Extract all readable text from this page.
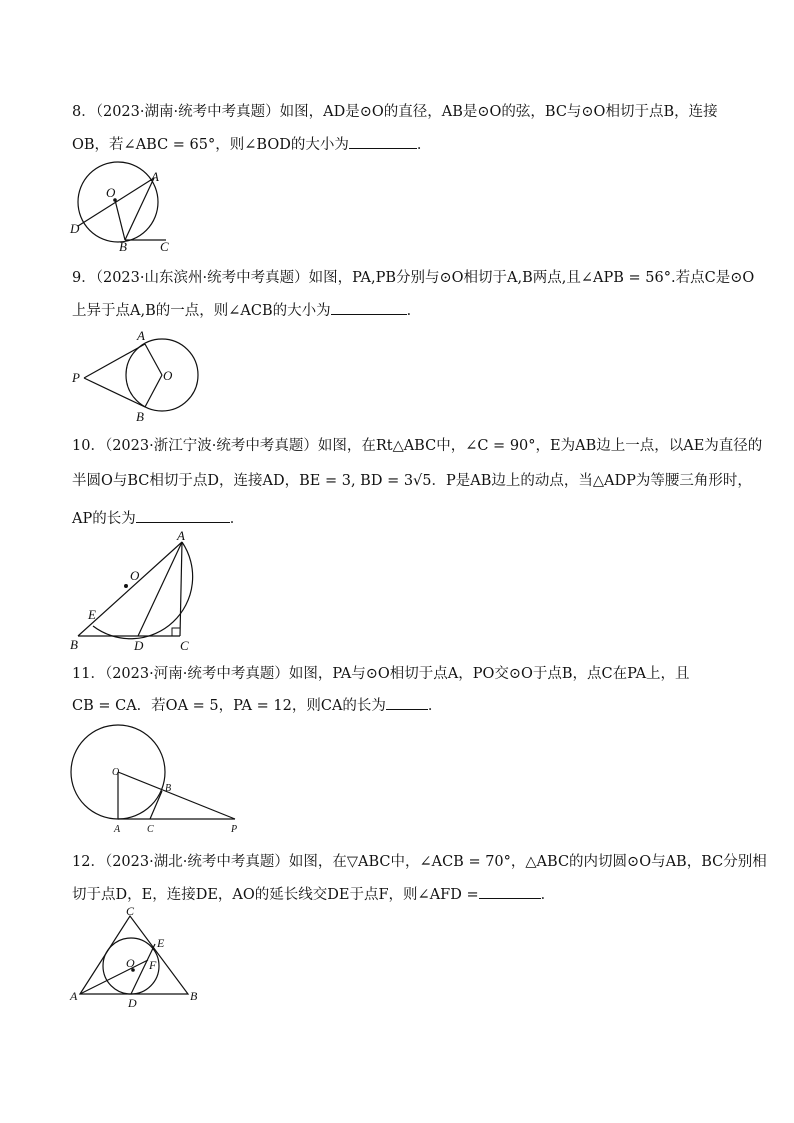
8．（2023·湖南·统考中考真题）如图，AD是⊙O的直径，AB是⊙O的弦，BC与⊙O相切于点B，连接
OB，若∠ABC = 65°，则∠BOD的大小为	．
O
A
D
B	C
9．（2023·山东滨州·统考中考真题）如图，PA,PB分别与⊙O相切于A,B两点,且∠APB = 56°.若点C是⊙O
上异于点A,B的一点，则∠ACB的大小为	．
A
P	O
B
10．（2023·浙江宁波·统考中考真题）如图，在Rt△ABC中，∠C = 90°，E为AB边上一点，以AE为直径的
半圆O与BC相切于点D，连接AD，BE = 3, BD = 3√5．P是AB边上的动点，当△ADP为等腰三角形时，
AP的长为	．
A
O
E
B	D	C
11．（2023·河南·统考中考真题）如图，PA与⊙O相切于点A，PO交⊙O于点B，点C在PA上，且
CB = CA．若OA = 5，PA = 12，则CA的长为	．
O
B
A	C	P
12．（2023·湖北·统考中考真题）如图，在▽ABC中，∠ACB = 70°，△ABC的内切圆⊙O与AB，BC分别相
切于点D，E，连接DE，AO的延长线交DE于点F，则∠AFD =	．
C
E
O F
A	D	B
